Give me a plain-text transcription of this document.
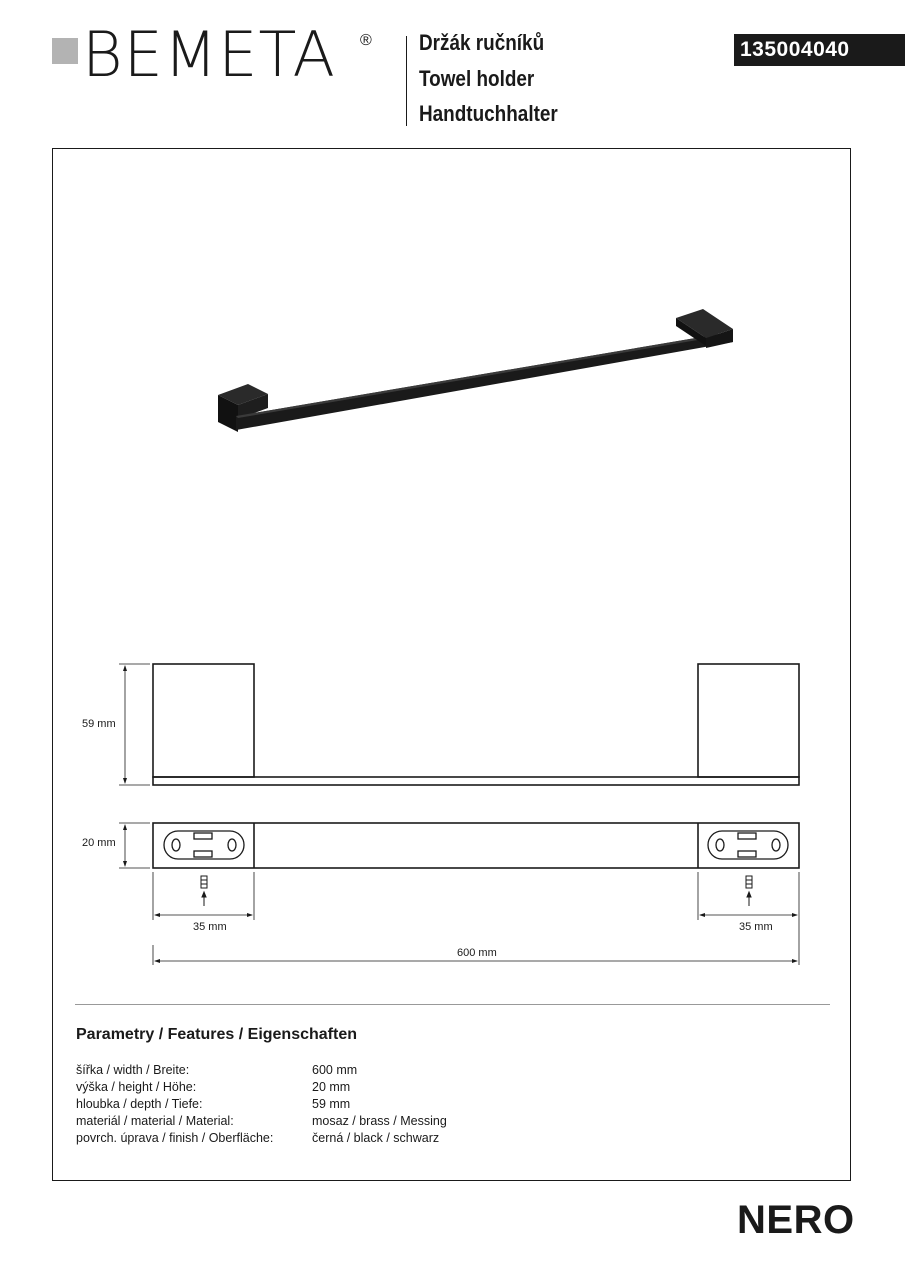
BEMETA ® Držák ručníků
Towel holder
Handtuchhalter
135004040
59 mm
20 mm
35 mm	35 mm
600 mm
Parametry / Features / Eigenschaften
šířka / width / Breite:	600 mm
výška / height / Höhe:	20 mm
hloubka / depth / Tiefe:	59 mm
materiál / material / Material:	mosaz / brass / Messing
povrch. úprava / finish / Oberfläche:	černá / black / schwarz
NERO
